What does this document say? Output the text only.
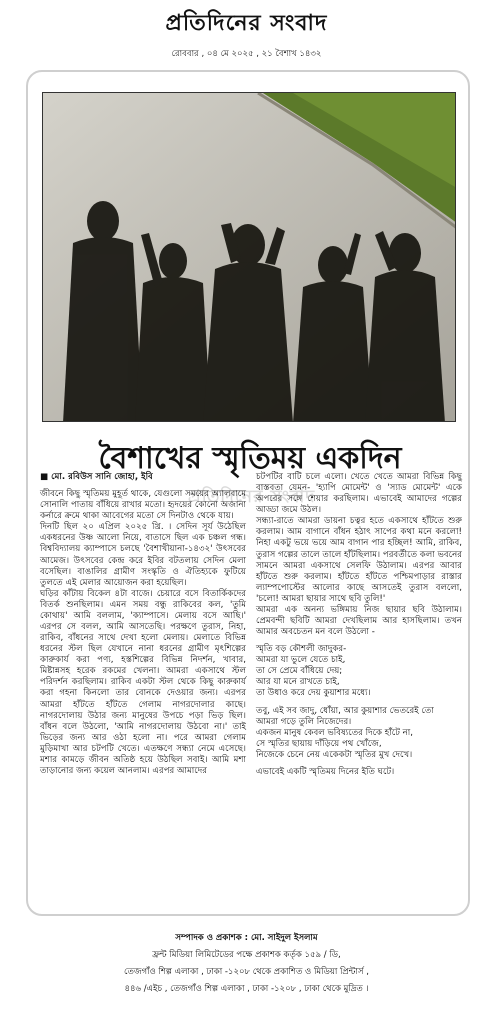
প্রতিদিনের সংবাদ
রোববার , ০৪ মে ২০২৫ , ২১ বৈশাখ ১৪৩২
বৈশাখের স্মৃতিময় একদিন
প্রতিদিনের সংবাদ

■ মো. রবিউস সানি জোহা, ইবি

জীবনে কিছু স্মৃতিময় মুহূর্ত থাকে, যেগুলো সময়ের অ্যালবামে সোনালি পাতায় বাঁধিয়ে রাখার মতো। হৃদয়ের কোনো অজানা কর্নারে ক্রমে থাকা আবেগের মতো সে দিনটাও থেকে যায়।

দিনটি ছিল ২০ এপ্রিল ২০২৫ খ্রি. । সেদিন সূর্য উঠেছিল একধরনের উষ্ণ আলো নিয়ে, বাতাসে ছিল এক চঞ্চল গন্ধ। বিশ্ববিদ্যালয় ক্যাম্পাসে চলছে 'বৈশাখীয়ানা-১৪৩২' উৎসবের আমেজ। উৎসবের কেন্দ্র করে ইবির বটতলায় সেদিন মেলা বসেছিল। বাঙালির গ্রামীণ সংস্কৃতি ও ঐতিহ্যকে ফুটিয়ে তুলতে এই মেলার আয়োজন করা হয়েছিল।

ঘড়ির কাঁটায় বিকেল ৪টা বাজে। চেয়ারে বসে বিতার্কিকদের বিতর্ক শুনছিলাম। এমন সময় বন্ধু রাকিবের কল, 'তুমি কোথায়' আমি বললাম, 'ক্যাম্পাসে। মেলায় বসে আছি।' এরপর সে বলল, আমি আসতেছি। পরক্ষণে তুরাস, নিহা, রাকিব, বাঁধনের সাথে দেখা হলো মেলায়। মেলাতে বিভিন্ন ধরনের স্টল ছিল যেখানে নানা ধরনের গ্রামীণ মৃৎশিল্পের কারুকার্য করা পণ্য, হস্তশিল্পের বিভিন্ন নিদর্শন, খাবার, মিষ্টান্নসহ হরেক রকমের খেলনা। আমরা একসাথে স্টল পরিদর্শন করছিলাম। রাকিব একটা স্টল থেকে কিছু কারুকার্য করা গহনা কিনলো তার বোনকে দেওয়ার জন্য। এরপর আমরা হাঁটতে হাঁটতে গেলাম নাগরদোলার কাছে। নাগরদোলায় উঠার জন্য মানুষের উপচে পড়া ভিড় ছিল। বাঁধন বলে উঠলো, 'আমি নাগরদোলায় উঠবো না।' তাই ভিড়ের জন্য আর ওঠা হলো না। পরে আমরা গেলাম মুড়িমাখা আর চটপটি খেতে। এতক্ষণে সন্ধ্যা নেমে এসেছে। মশার কামড়ে জীবন অতিষ্ঠ হয়ে উঠছিল সবাই। আমি মশা তাড়ানোর জন্য কয়েল আনলাম। এরপর আমাদের

চটপটির বাটি চলে এলো। খেতে খেতে আমরা বিভিন্ন কিছু বাস্তবতা যেমন- 'হ্যাপি মোমেন্ট' ও 'স্যাড মোমেন্ট' একে অপরের সঙ্গে শেয়ার করছিলাম। এভাবেই আমাদের গল্পের আড্ডা জমে উঠল।

সন্ধ্যা-রাতে আমরা ডায়না চত্বর হতে একসাথে হাঁটতে শুরু করলাম। আম বাগানে বাঁধন হঠাৎ সাপের কথা মনে করলো! নিহা একটু ভয়ে ভয়ে আম বাগান পার হচ্ছিল! আমি, রাকিব, তুরাস গল্পের তালে তালে হাঁটছিলাম। পরবর্তীতে কলা ভবনের সামনে আমরা একসাথে সেলফি উঠালাম। এরপর আবার হাঁটতে শুরু করলাম। হাঁটতে হাঁটতে পশ্চিমপাড়ার রাস্তার ল্যাম্পপোস্টের আলোর কাছে আসতেই তুরাস বললো, 'চলো! আমরা ছায়ার সাথে ছবি তুলি!'

আমরা এক অনন্য ভঙ্গিমায় নিজ ছায়ার ছবি উঠালাম। প্রেমবন্দী ছবিটি আমরা দেখছিলাম আর হাসছিলাম। তখন আমার অবচেতন মন বলে উঠলো -

স্মৃতি বড় কৌশলী জাদুকর-
আমরা যা ভুলে যেতে চাই,
তা সে প্রেমে বাঁধিয়ে দেয়;
আর যা মনে রাখতে চাই,
তা উধাও করে দেয় কুয়াশার মধ্যে।

তবু, এই সব জাদু, ধোঁয়া, আর কুয়াশার ভেতরেই তো
আমরা গড়ে তুলি নিজেদের।
একজন মানুষ কেবল ভবিষ্যতের দিকে হাঁটে না,
সে স্মৃতির ছায়ায় দাঁড়িয়ে পথ খোঁজে,
নিজেকে চেনে নেয় একেকটা স্মৃতির মুখ দেখে।

এভাবেই একটি স্মৃতিময় দিনের ইতি ঘটে।

সম্পাদক ও প্রকাশক : মো. সাইদুল ইসলাম
ফ্রন্ট মিডিয়া লিমিটেডের পক্ষে প্রকাশক কর্তৃক ১৫৯ / ডি,
তেজগাঁও শিল্প এলাকা , ঢাকা -১২০৮ থেকে প্রকাশিত ও মিডিয়া প্রিন্টার্স ,
৪৪৬ /এইচ , তেজগাঁও শিল্প এলাকা , ঢাকা -১২০৮ , ঢাকা থেকে মুদ্রিত ।
